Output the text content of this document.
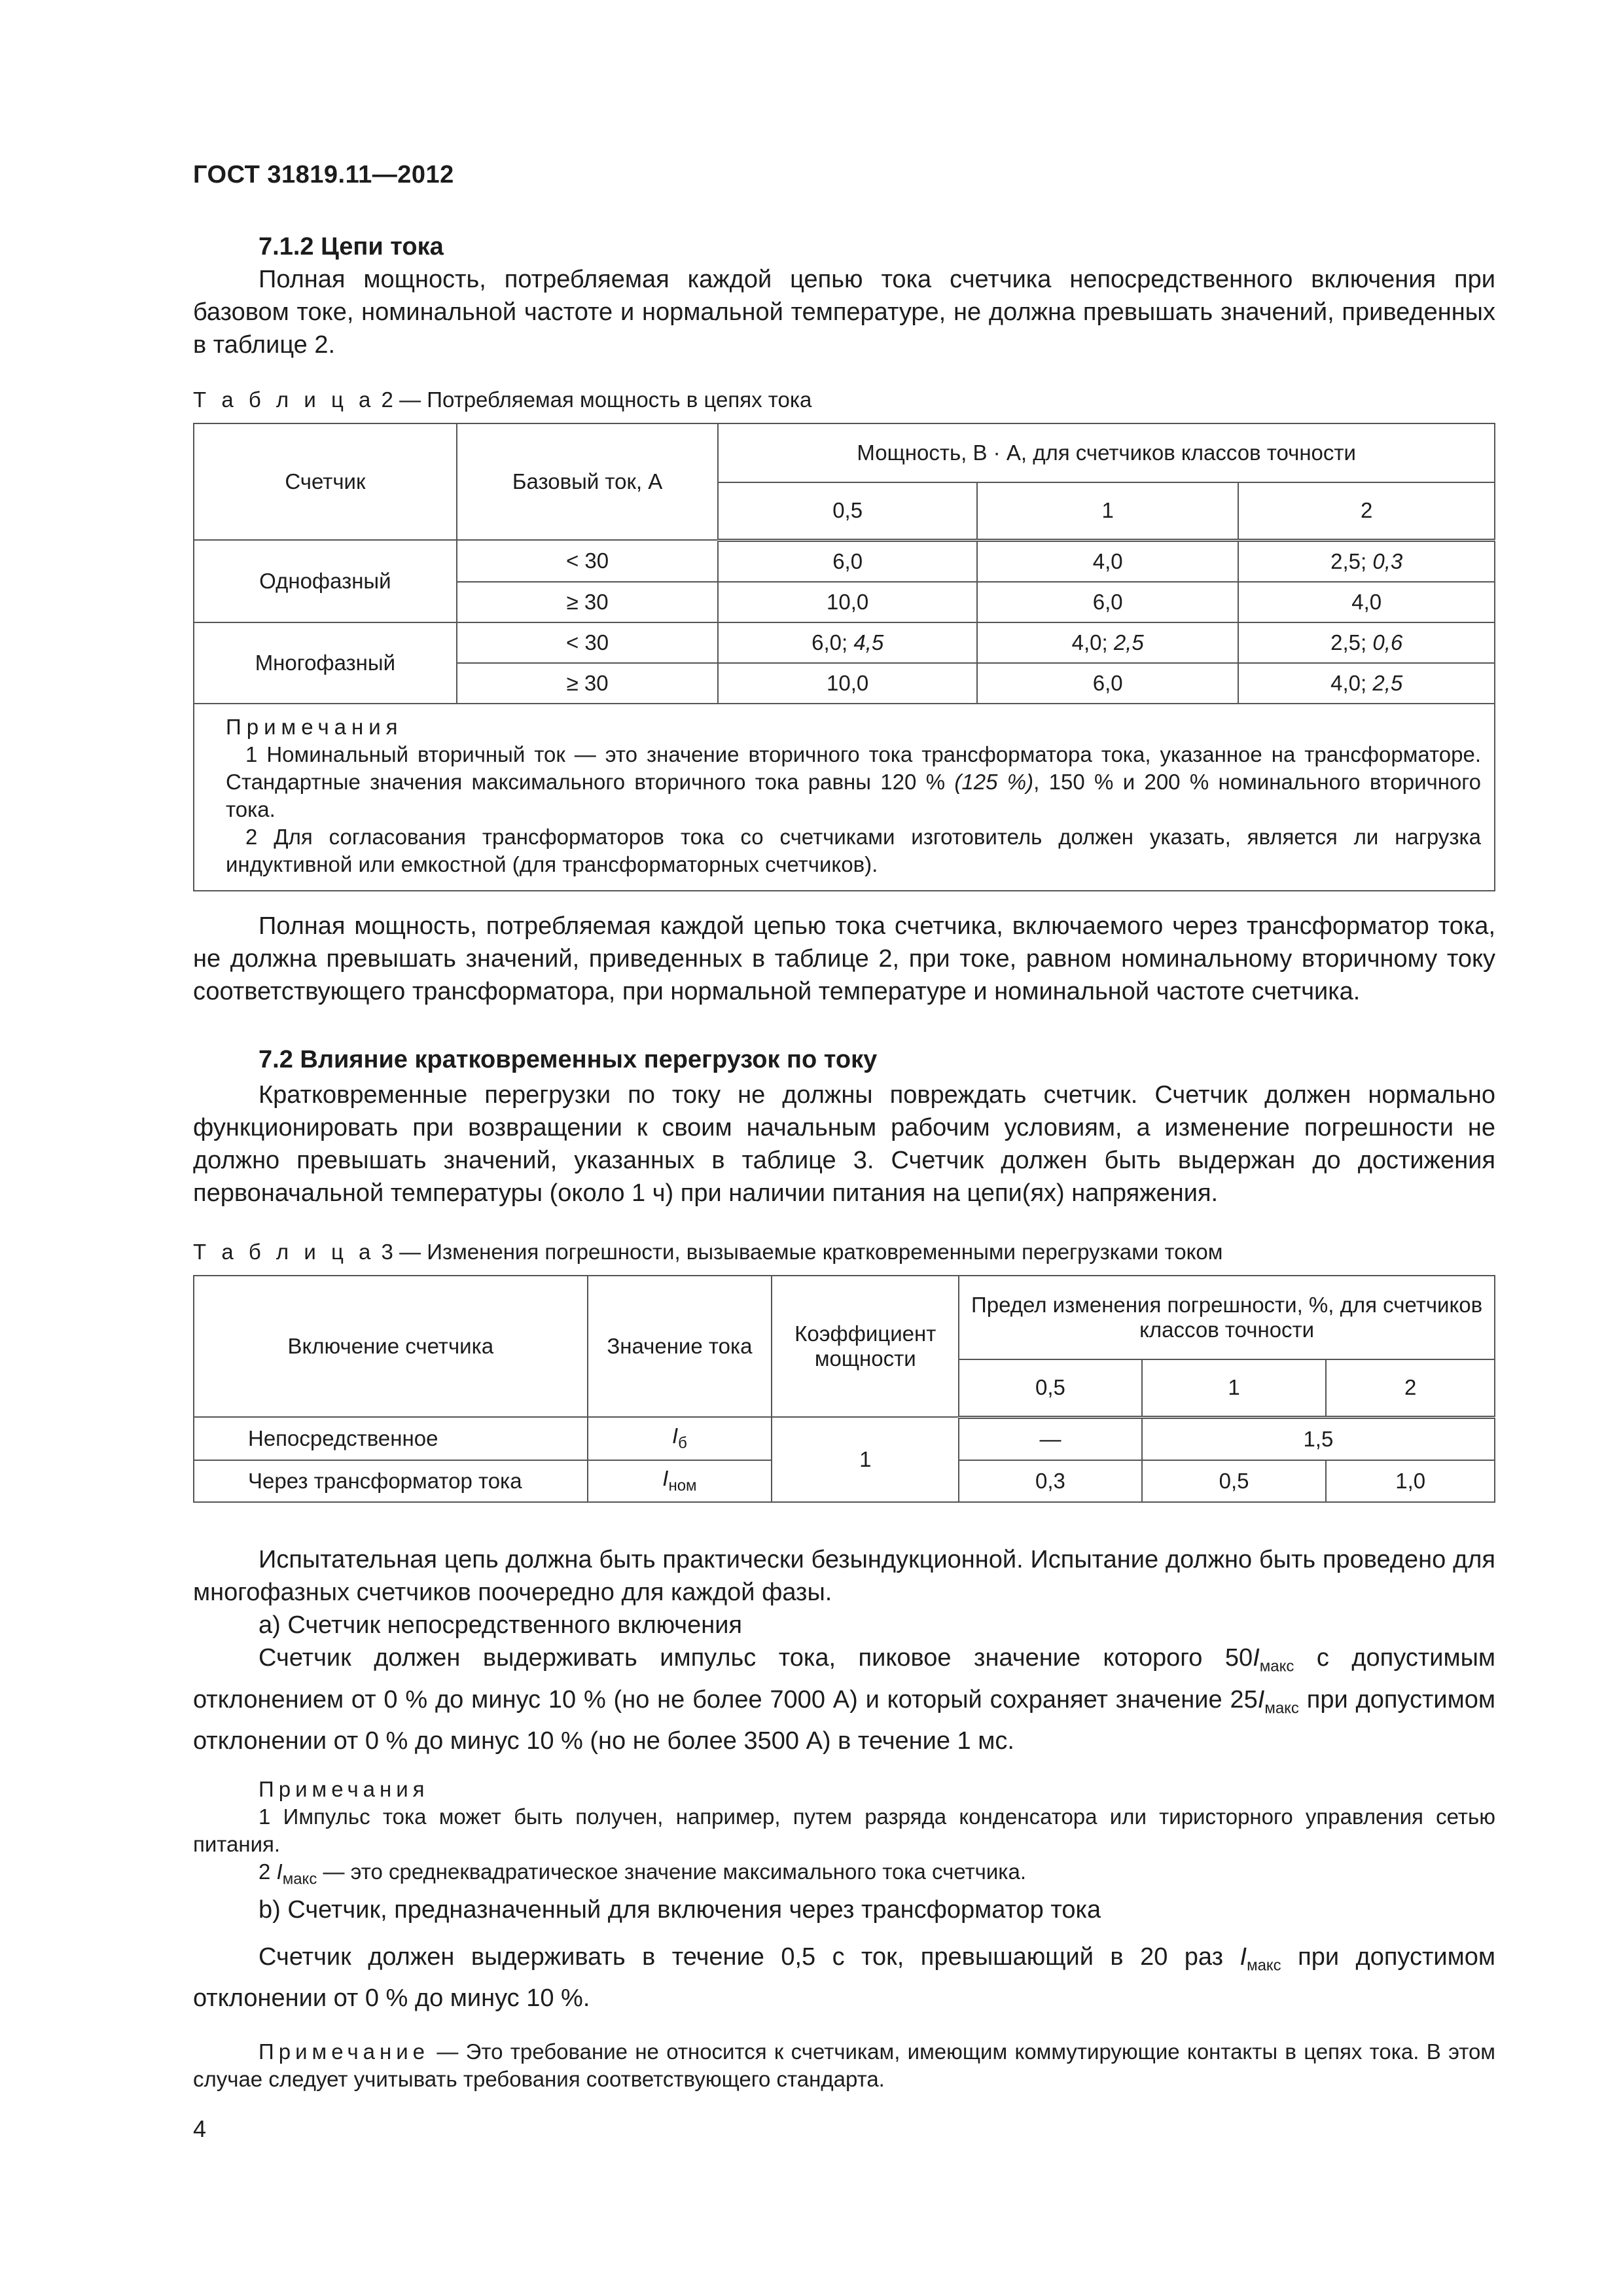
ГОСТ 31819.11—2012

7.1.2 Цепи тока

Полная мощность, потребляемая каждой цепью тока счетчика непосредственного включения при базовом токе, номинальной частоте и нормальной температуре, не должна превышать значений, приведенных в таблице 2.

Т а б л и ц а 2 — Потребляемая мощность в цепях тока

Счетчик	Базовый ток, А	Мощность, В · А, для счетчиков классов точности		
		0,5	1	2
Однофазный	< 30	6,0	4,0	2,5; 0,3
	≥ 30	10,0	6,0	4,0
Многофазный	< 30	6,0; 4,5	4,0; 2,5	2,5; 0,6
	≥ 30	10,0	6,0	4,0; 2,5

Примечания

1 Номинальный вторичный ток — это значение вторичного тока трансформатора тока, указанное на трансформаторе. Стандартные значения максимального вторичного тока равны 120 % (125 %), 150 % и 200 % номинального вторичного тока.

2 Для согласования трансформаторов тока со счетчиками изготовитель должен указать, является ли нагрузка индуктивной или емкостной (для трансформаторных счетчиков).				

Полная мощность, потребляемая каждой цепью тока счетчика, включаемого через трансформатор тока, не должна превышать значений, приведенных в таблице 2, при токе, равном номинальному вторичному току соответствующего трансформатора, при нормальной температуре и номинальной частоте счетчика.

7.2 Влияние кратковременных перегрузок по току

Кратковременные перегрузки по току не должны повреждать счетчик. Счетчик должен нормально функционировать при возвращении к своим начальным рабочим условиям, а изменение погрешности не должно превышать значений, указанных в таблице 3. Счетчик должен быть выдержан до достижения первоначальной температуры (около 1 ч) при наличии питания на цепи(ях) напряжения.

Т а б л и ц а 3 — Изменения погрешности, вызываемые кратковременными перегрузками током

Включение счетчика	Значение тока	Коэффициент мощности	Предел изменения погрешности, %, для счетчиков классов точности		
			0,5	1	2
Непосредственное	$I_б$	1	—	1,5	
Через трансформатор тока	$I_{ном}$		0,3	0,5	1,0

Испытательная цепь должна быть практически безындукционной. Испытание должно быть проведено для многофазных счетчиков поочередно для каждой фазы.

а) Счетчик непосредственного включения

Счетчик должен выдерживать импульс тока, пиковое значение которого $50I_{макс}$ с допустимым отклонением от 0 % до минус 10 % (но не более 7000 А) и который сохраняет значение $25I_{макс}$ при допустимом отклонении от 0 % до минус 10 % (но не более 3500 А) в течение 1 мс.

Примечания

1 Импульс тока может быть получен, например, путем разряда конденсатора или тиристорного управления сетью питания.

2 $I_{макс}$ — это среднеквадратическое значение максимального тока счетчика.

b) Счетчик, предназначенный для включения через трансформатор тока

Счетчик должен выдерживать в течение 0,5 с ток, превышающий в 20 раз $I_{макс}$ при допустимом отклонении от 0 % до минус 10 %.

Примечание — Это требование не относится к счетчикам, имеющим коммутирующие контакты в цепях тока. В этом случае следует учитывать требования соответствующего стандарта.

4
